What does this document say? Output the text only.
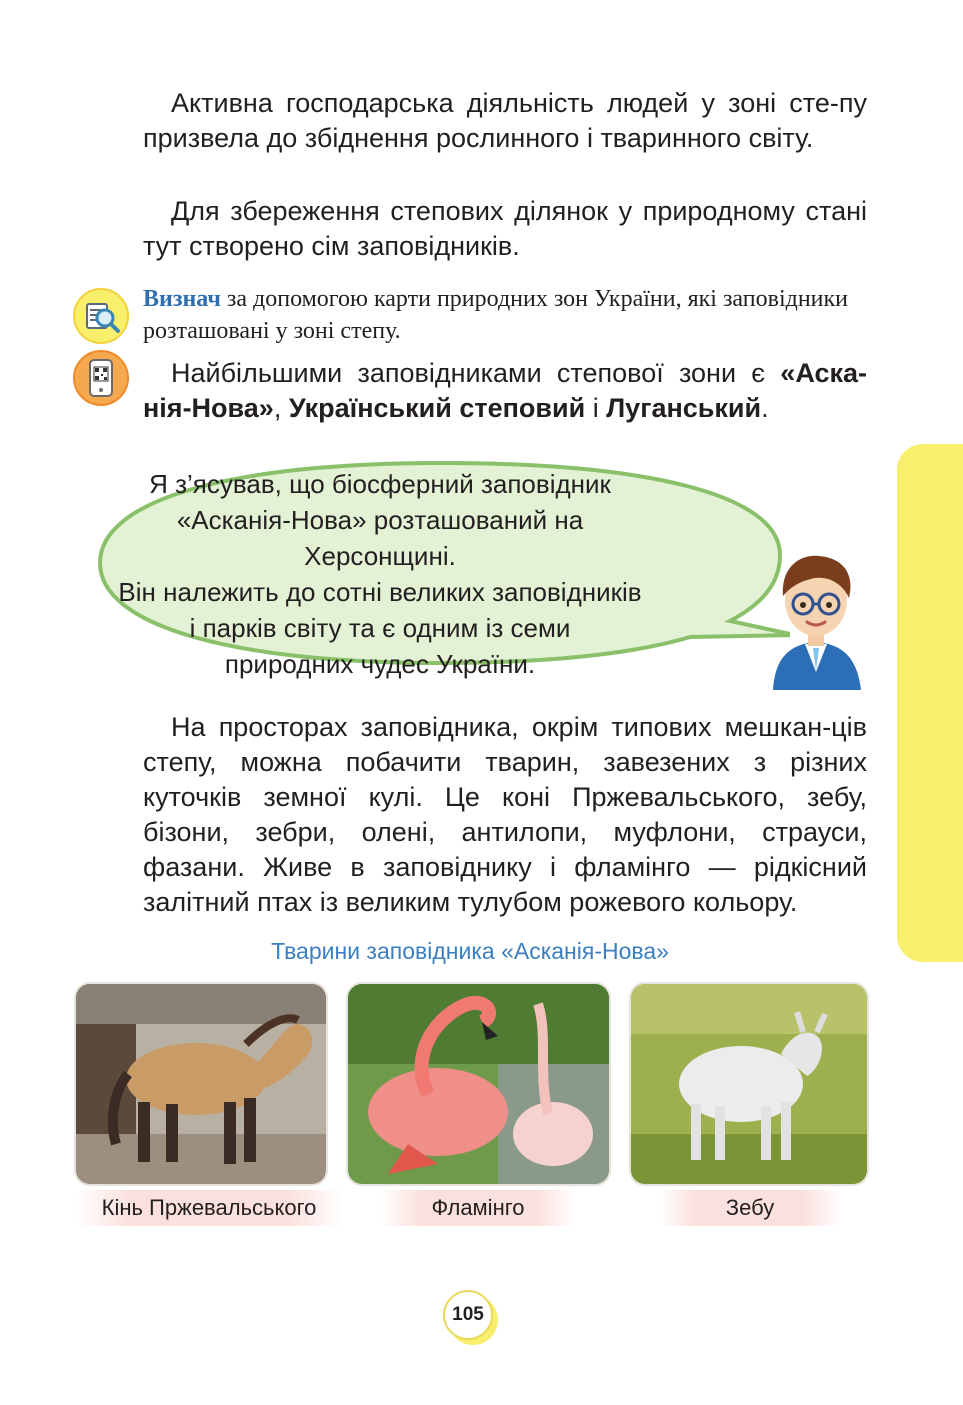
Активна господарська діяльність людей у зоні сте-пу призвела до збіднення рослинного і тваринного світу.

Для збереження степових ділянок у природному стані тут створено сім заповідників.

Визнач за допомогою карти природних зон України, які заповідники розташовані у зоні степу.

Найбільшими заповідниками степової зони є «Аска-нія-Нова», Український степовий і Луганський.

Я з’ясував, що біосферний заповідник
«Асканія-Нова» розташований на Херсонщині.
Він належить до сотні великих заповідників
і парків світу та є одним із семи
природних чудес України.

На просторах заповідника, окрім типових мешкан-ців степу, можна побачити тварин, завезених з різних куточків земної кулі. Це коні Пржевальського, зебу, бізони, зебри, олені, антилопи, муфлони, страуси, фазани. Живе в заповіднику і фламінго — рідкісний залітний птах із великим тулубом рожевого кольору.

Тварини заповідника «Асканія-Нова»
Кінь Пржевальського	Фламінго	Зебу
105
